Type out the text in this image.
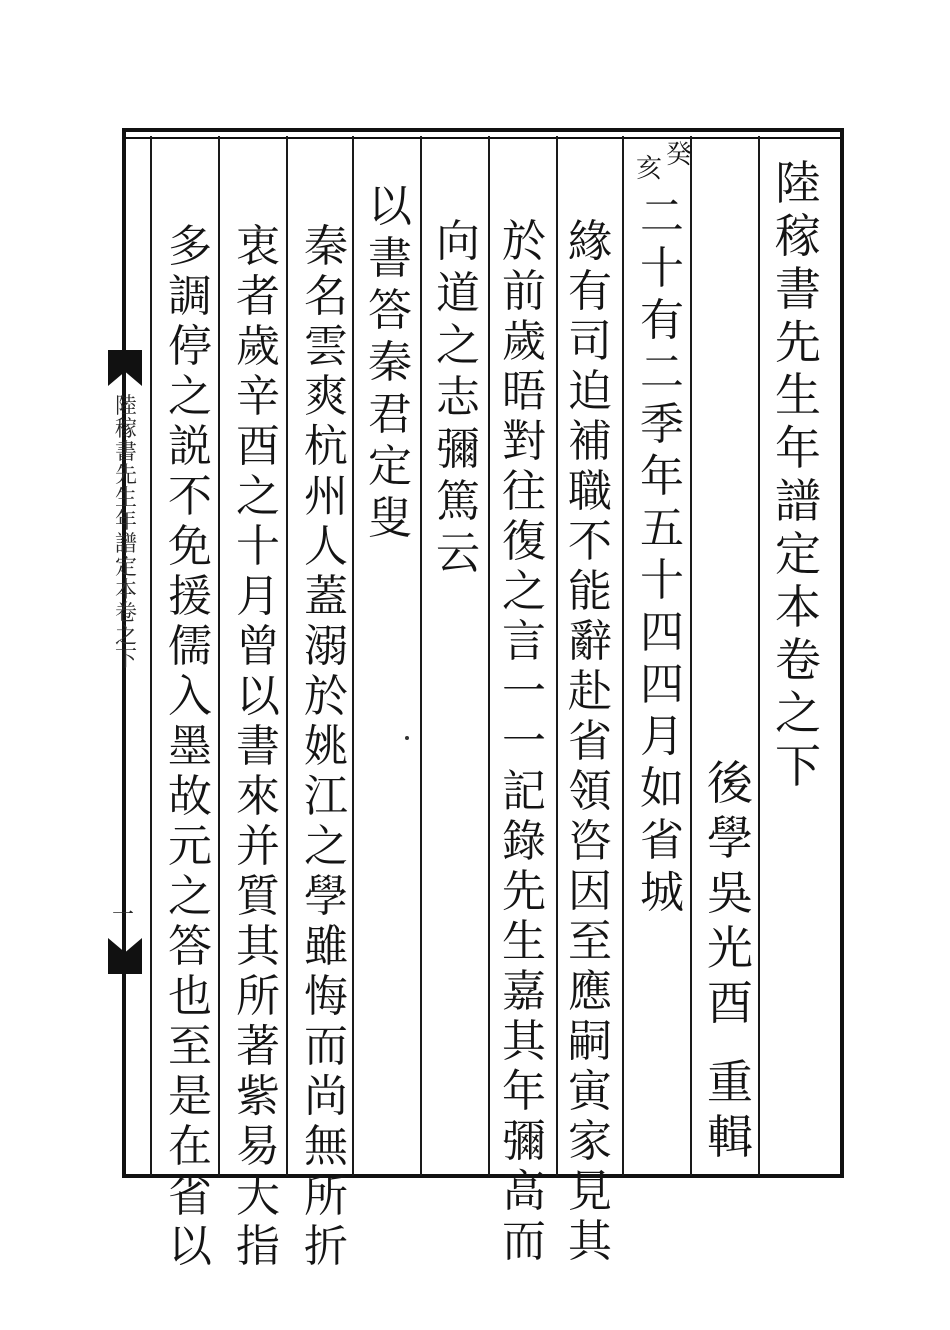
陸
稼
書
先
生
年
譜
定
本
卷
之
下
後
學
吳
光
酉
重
輯
癸
亥
二
十
有
二
季
年
五
十
四
四
月
如
省
城
緣
有
司
迫
補
職
不
能
辭
赴
省
領
咨
因
至
應
嗣
寅
家
見
其
於
前
歲
晤
對
往
復
之
言
一
一
記
錄
先
生
嘉
其
年
彌
高
而
向
道
之
志
彌
篤
云
以
書
答
秦
君
定
叟
秦
名
雲
爽
杭
州
人
蓋
溺
於
姚
江
之
學
雖
悔
而
尚
無
所
折
衷
者
歲
辛
酉
之
十
月
曾
以
書
來
并
質
其
所
著
紫
易
大
指
多
調
停
之
説
不
免
援
儒
入
墨
故
元
之
答
也
至
是
在
省
以
陸
稼
書
先
生
年
譜
定
本
卷
之
下
一
